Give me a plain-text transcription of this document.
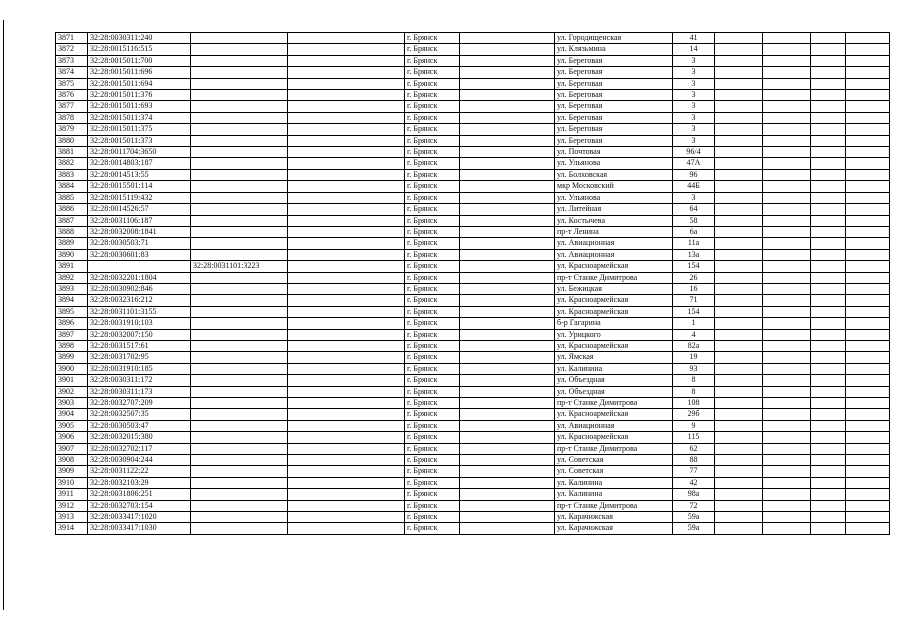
3871	32:28:0030311:240			г. Брянск		ул. Городищенская	41				
3872	32:28:0015116:515			г. Брянск		ул. Клязьмина	14				
3873	32:28:0015011:700			г. Брянск		ул. Береговая	3				
3874	32:28:0015011:696			г. Брянск		ул. Береговая	3				
3875	32:28:0015011:694			г. Брянск		ул. Береговая	3				
3876	32:28:0015011:376			г. Брянск		ул. Береговая	3				
3877	32:28:0015011:693			г. Брянск		ул. Береговая	3				
3878	32:28:0015011:374			г. Брянск		ул. Береговая	3				
3879	32:28:0015011:375			г. Брянск		ул. Береговая	3				
3880	32:28:0015011:373			г. Брянск		ул. Береговая	3				
3881	32:28:0011704:3650			г. Брянск		ул. Почтовая	96/4				
3882	32:28:0014803:187			г. Брянск		ул. Ульянова	47А				
3883	32:28:0014513:55			г. Брянск		ул. Болховская	96				
3884	32:28:0015501:114			г. Брянск		мкр Московский	44Б				
3885	32:28:0015119:432			г. Брянск		ул. Ульянова	3				
3886	32:28:0014526:57			г. Брянск		ул. Литейная	64				
3887	32:28:0031106:187			г. Брянск		ул. Костычева	58				
3888	32:28:0032008:1841			г. Брянск		пр-т Ленина	6а				
3889	32:28:0030503:71			г. Брянск		ул. Авиационная	11а				
3890	32:28:0030601:83			г. Брянск		ул. Авиационная	13а				
3891		32:28:0031101:3223		г. Брянск		ул. Красноармейская	154				
3892	32:28:0032201:1804			г. Брянск		пр-т Станке Димитрова	26				
3893	32:28:0030902:846			г. Брянск		ул. Бежицкая	16				
3894	32:28:0032316:212			г. Брянск		ул. Красноармейская	71				
3895	32:28:0031101:3155			г. Брянск		ул. Красноармейская	154				
3896	32:28:0031910:103			г. Брянск		б-р Гагарина	1				
3897	32:28:0032007:150			г. Брянск		ул. Урицкого	4				
3898	32:28:0031517:61			г. Брянск		ул. Красноармейская	82а				
3899	32:28:0031702:95			г. Брянск		ул. Ямская	19				
3900	32:28:0031910:185			г. Брянск		ул. Калинина	93				
3901	32:28:0030311:172			г. Брянск		ул. Объездная	8				
3902	32:28:0030311:173			г. Брянск		ул. Объездная	8				
3903	32:28:0032707:209			г. Брянск		пр-т Станке Димитрова	108				
3904	32:28:0032507:35			г. Брянск		ул. Красноармейская	29б				
3905	32:28:0030503:47			г. Брянск		ул. Авиационная	9				
3906	32:28:0032015:380			г. Брянск		ул. Красноармейская	115				
3907	32:28:0032702:117			г. Брянск		пр-т Станке Димитрова	62				
3908	32:28:0030904:244			г. Брянск		ул. Советская	88				
3909	32:28:0031122:22			г. Брянск		ул. Советская	77				
3910	32:28:0032103:29			г. Брянск		ул. Калинина	42				
3911	32:28:0031806:251			г. Брянск		ул. Калинина	98а				
3912	32:28:0032703:154			г. Брянск		пр-т Станке Димитрова	72				
3913	32:28:0033417:1020			г. Брянск		ул. Карачижская	59а				
3914	32:28:0033417:1030			г. Брянск		ул. Карачижская	59а				
